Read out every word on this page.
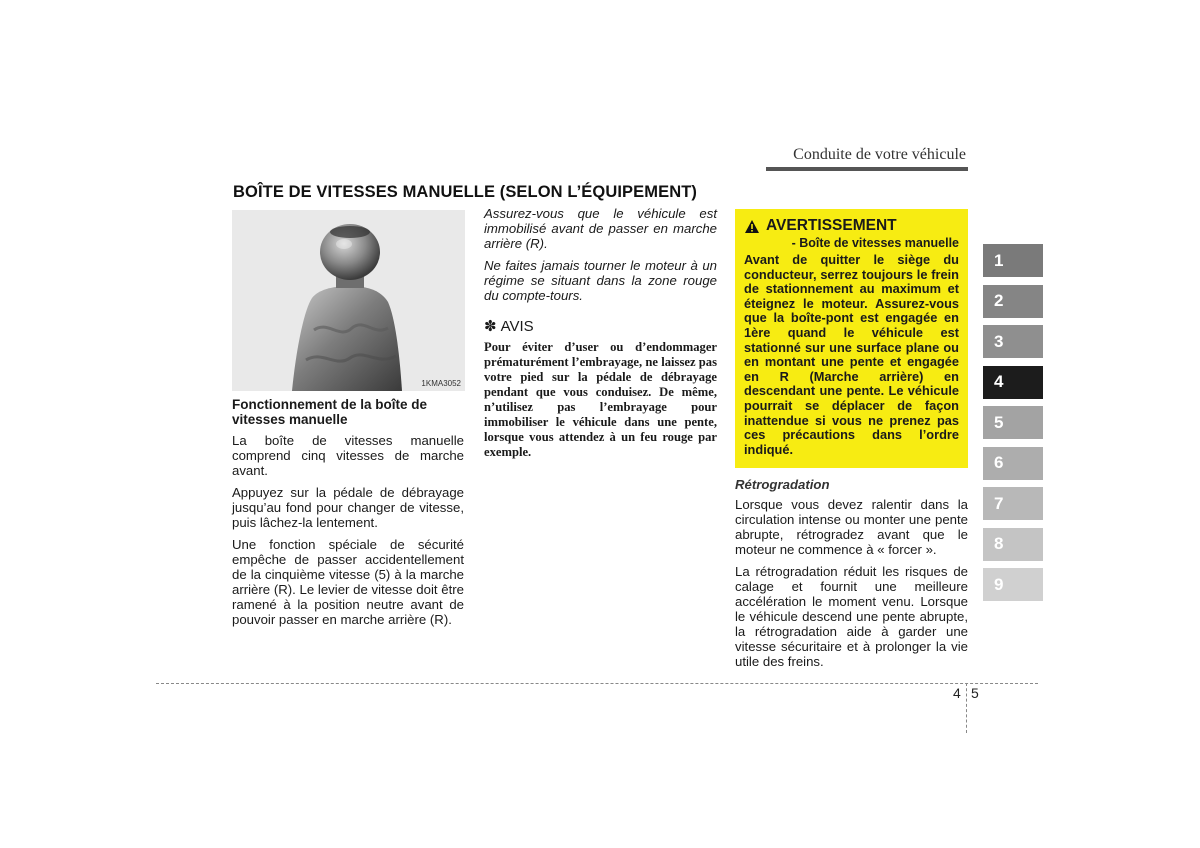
Conduite de votre véhicule
BOÎTE DE VITESSES MANUELLE (SELON L’ÉQUIPEMENT)
1KMA3052
Fonctionnement de la boîte de vitesses manuelle

La boîte de vitesses manuelle comprend cinq vitesses de marche avant.

Appuyez sur la pédale de débrayage jusqu’au fond pour changer de vitesse, puis lâchez-la lentement.

Une fonction spéciale de sécurité empêche de passer accidentellement de la cinquième vitesse (5) à la marche arrière (R). Le levier de vitesse doit être ramené à la position neutre avant de pouvoir passer en marche arrière (R).

Assurez-vous que le véhicule est immobilisé avant de passer en marche arrière (R).

Ne faites jamais tourner le moteur à un régime se situant dans la zone rouge du compte-tours.

✽ AVIS

Pour éviter d’user ou d’endommager prématurément l’embrayage, ne laissez pas votre pied sur la pédale de débrayage pendant que vous conduisez. De même, n’utilisez pas l’embrayage pour immobiliser le véhicule dans une pente, lorsque vous attendez à un feu rouge par exemple.

AVERTISSEMENT
- Boîte de vitesses manuelle

Avant de quitter le siège du conducteur, serrez toujours le frein de stationnement au maximum et éteignez le moteur. Assurez-vous que la boîte-pont est engagée en 1ère quand le véhicule est stationné sur une surface plane ou en montant une pente et engagée en R (Marche arrière) en descendant une pente. Le véhicule pourrait se déplacer de façon inattendue si vous ne prenez pas ces précautions dans l’ordre indiqué.

Rétrogradation

Lorsque vous devez ralentir dans la circulation intense ou monter une pente abrupte, rétrogradez avant que le moteur ne commence à « forcer ».

La rétrogradation réduit les risques de calage et fournit une meilleure accélération le moment venu. Lorsque le véhicule descend une pente abrupte, la rétrogradation aide à garder une vitesse sécuritaire et à prolonger la vie utile des freins.

1
2
3
4
5
6
7
8
9
4 5
